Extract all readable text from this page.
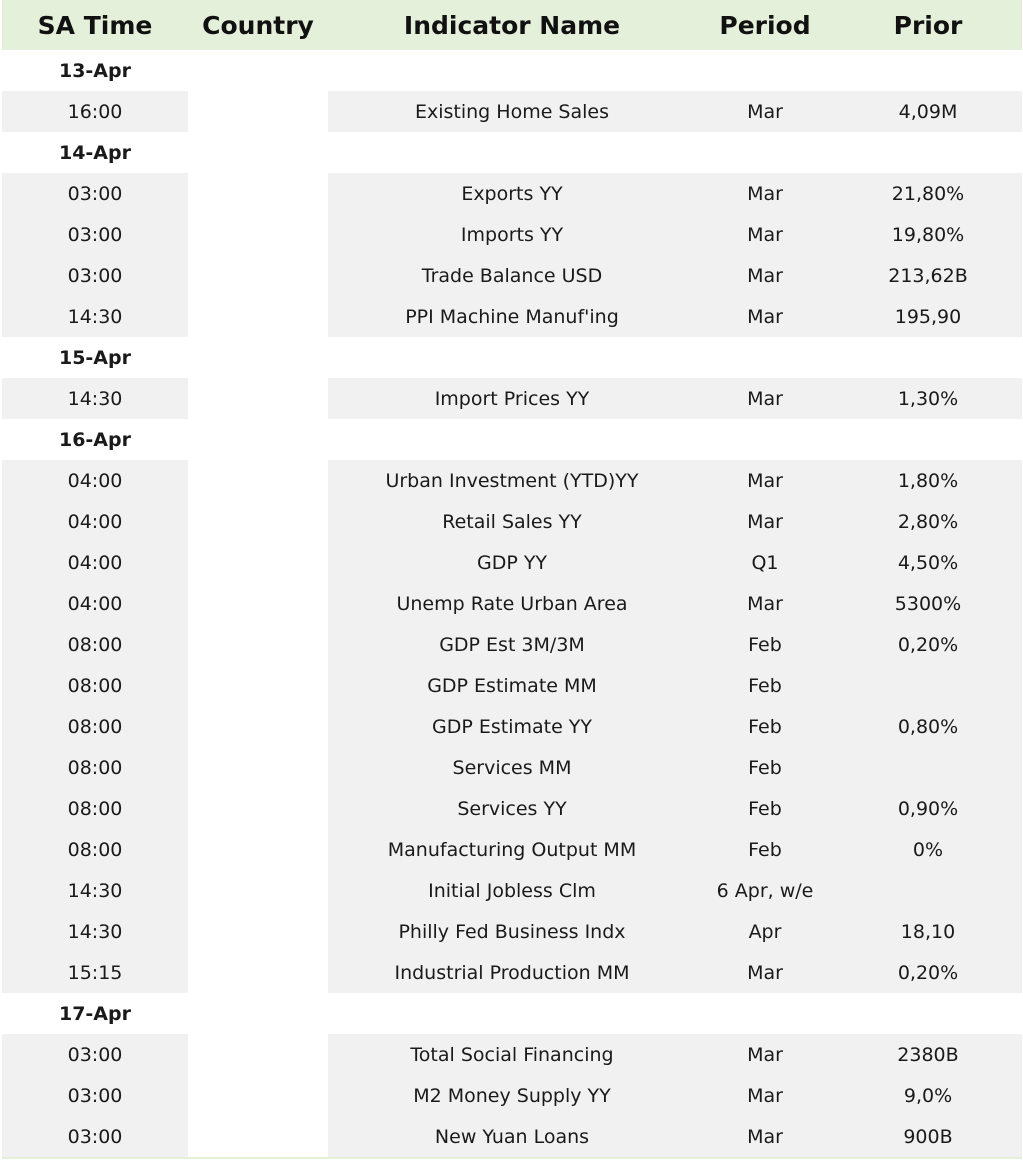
SA Time	Country	Indicator Name	Period	Prior
13-Apr				
16:00		Existing Home Sales	Mar	4,09M
14-Apr				
03:00		Exports YY	Mar	21,80%
03:00		Imports YY	Mar	19,80%
03:00		Trade Balance USD	Mar	213,62B
14:30		PPI Machine Manuf'ing	Mar	195,90
15-Apr				
14:30		Import Prices YY	Mar	1,30%
16-Apr				
04:00		Urban Investment (YTD)YY	Mar	1,80%
04:00		Retail Sales YY	Mar	2,80%
04:00		GDP YY	Q1	4,50%
04:00		Unemp Rate Urban Area	Mar	5300%
08:00		GDP Est 3M/3M	Feb	0,20%
08:00		GDP Estimate MM	Feb	
08:00		GDP Estimate YY	Feb	0,80%
08:00		Services MM	Feb	
08:00		Services YY	Feb	0,90%
08:00		Manufacturing Output MM	Feb	0%
14:30		Initial Jobless Clm	6 Apr, w/e	
14:30		Philly Fed Business Indx	Apr	18,10
15:15		Industrial Production MM	Mar	0,20%
17-Apr				
03:00		Total Social Financing	Mar	2380B
03:00		M2 Money Supply YY	Mar	9,0%
03:00		New Yuan Loans	Mar	900B
